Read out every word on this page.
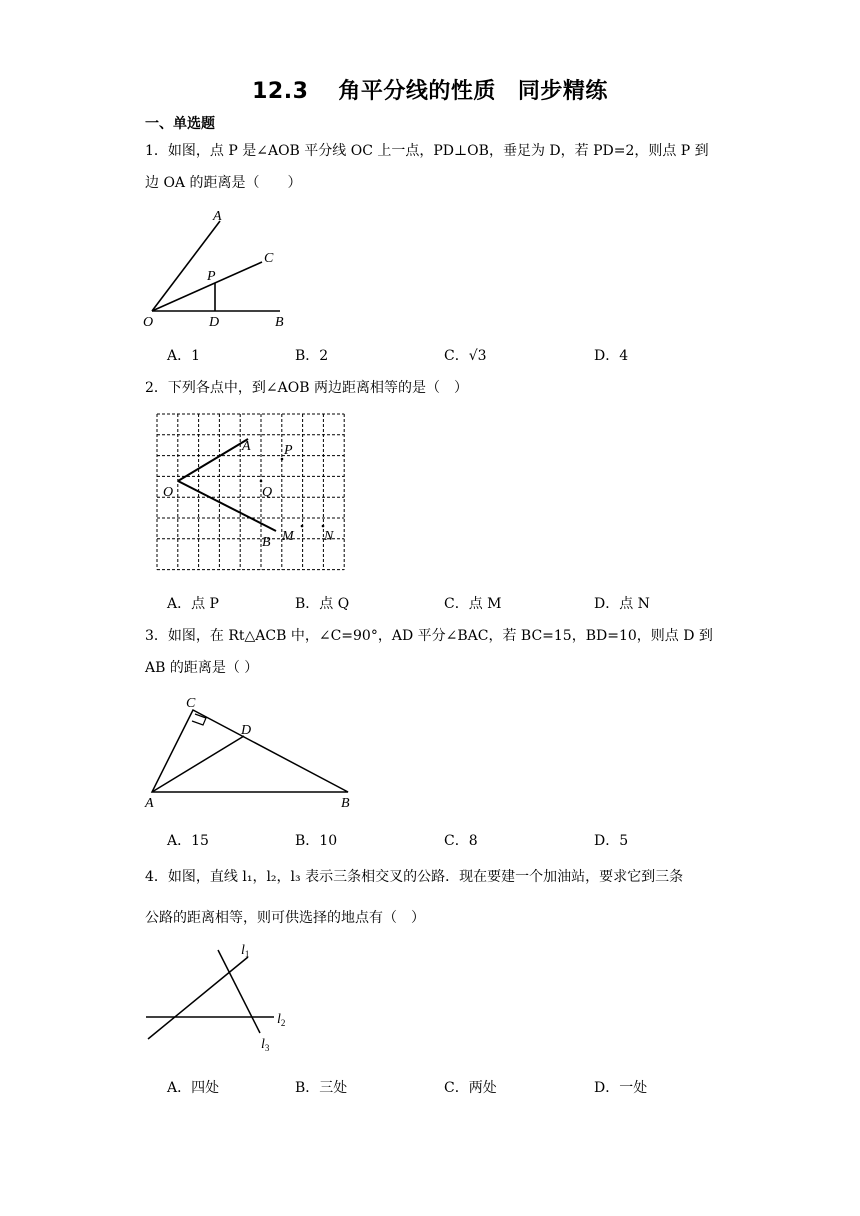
12.3 角平分线的性质 同步精练
一、单选题
1．如图，点 P 是∠AOB 平分线 OC 上一点，PD⊥OB，垂足为 D，若 PD=2，则点 P 到
边 OA 的距离是（　　）
A
C
P
O	D	B
A．1	B．2	C．√3	D．4
2．下列各点中，到∠AOB 两边距离相等的是（　）
A P
O	Q
B M N
A．点 P	B．点 Q	C．点 M	D．点 N
3．如图，在 Rt△ACB 中，∠C=90°，AD 平分∠BAC，若 BC=15，BD=10，则点 D 到
AB 的距离是（ ）
C
D
A	B
A．15	B．10	C．8	D．5
4．如图，直线 l₁，l₂，l₃ 表示三条相交叉的公路．现在要建一个加油站，要求它到三条
公路的距离相等，则可供选择的地点有（　）
$l_1$
$l_2$
$l_3$
A．四处	B．三处	C．两处	D．一处
